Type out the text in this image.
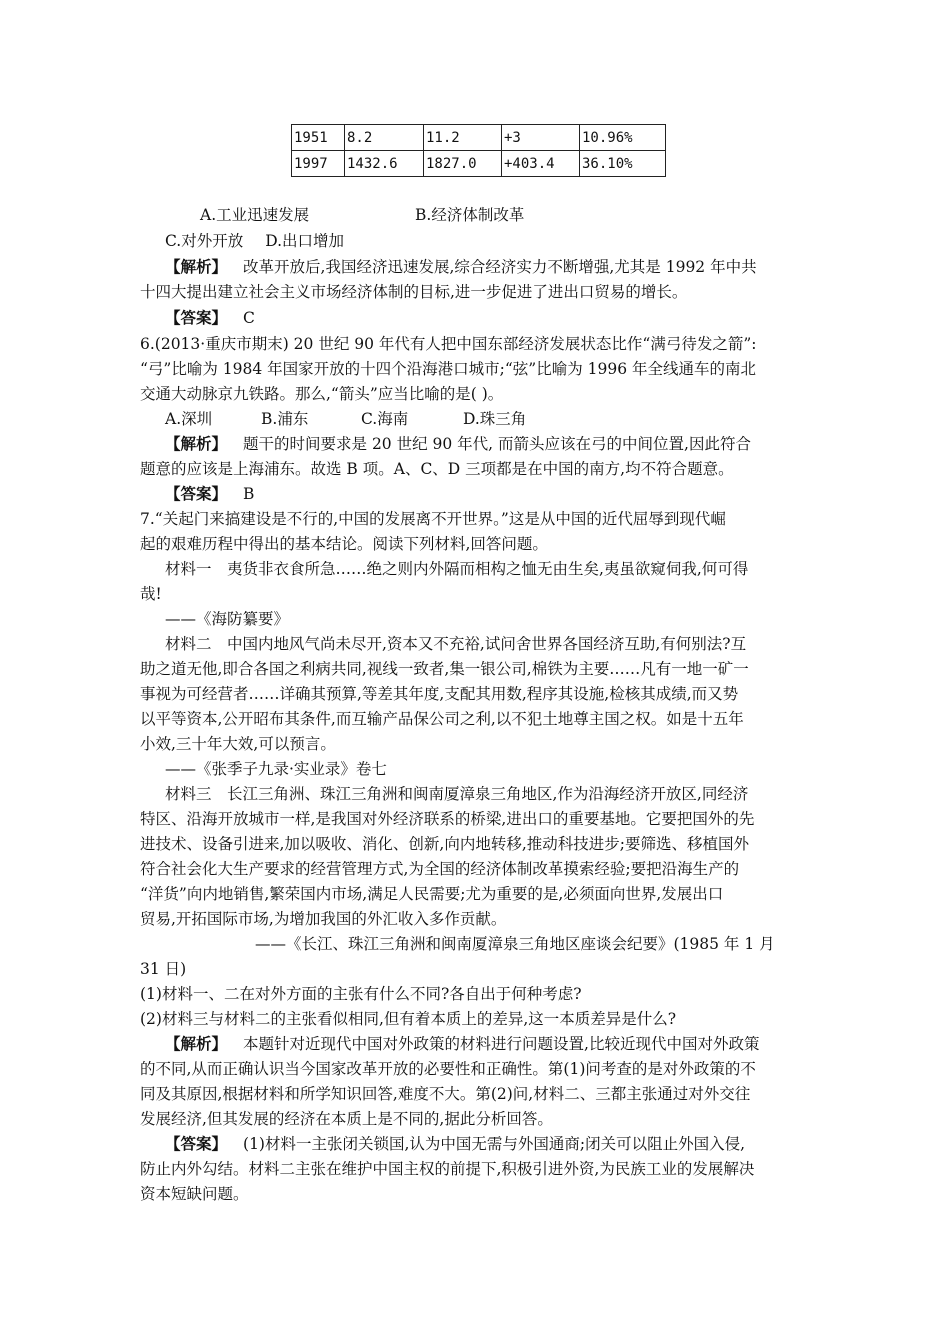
1951	8.2	11.2	+3	10.96%
1997	1432.6	1827.0	+403.4	36.10%
A.工业迅速发展	B.经济体制改革
C.对外开放 D.出口增加
【解析】 改革开放后,我国经济迅速发展,综合经济实力不断增强,尤其是 1992 年中共
十四大提出建立社会主义市场经济体制的目标,进一步促进了进出口贸易的增长。
【答案】 C
6.(2013·重庆市期末) 20 世纪 90 年代有人把中国东部经济发展状态比作“满弓待发之箭”:
“弓”比喻为 1984 年国家开放的十四个沿海港口城市;“弦”比喻为 1996 年全线通车的南北
交通大动脉京九铁路。那么,“箭头”应当比喻的是( )。
A.深圳	B.浦东	C.海南	D.珠三角
【解析】 题干的时间要求是 20 世纪 90 年代, 而箭头应该在弓的中间位置,因此符合
题意的应该是上海浦东。故选 B 项。A、C、D 三项都是在中国的南方,均不符合题意。
【答案】 B
7.“关起门来搞建设是不行的,中国的发展离不开世界。”这是从中国的近代屈辱到现代崛
起的艰难历程中得出的基本结论。阅读下列材料,回答问题。
材料一　夷货非衣食所急……绝之则内外隔而相构之恤无由生矣,夷虽欲窥伺我,何可得
哉!
——《海防纂要》
材料二　中国内地风气尚未尽开,资本又不充裕,试问舍世界各国经济互助,有何别法?互
助之道无他,即合各国之利病共同,视线一致者,集一银公司,棉铁为主要……凡有一地一矿一
事视为可经营者……详确其预算,等差其年度,支配其用数,程序其设施,检核其成绩,而又势
以平等资本,公开昭布其条件,而互输产品保公司之利,以不犯土地尊主国之权。如是十五年
小效,三十年大效,可以预言。
——《张季子九录·实业录》卷七
材料三　长江三角洲、珠江三角洲和闽南厦漳泉三角地区,作为沿海经济开放区,同经济
特区、沿海开放城市一样,是我国对外经济联系的桥梁,进出口的重要基地。它要把国外的先
进技术、设备引进来,加以吸收、消化、创新,向内地转移,推动科技进步;要筛选、移植国外
符合社会化大生产要求的经营管理方式,为全国的经济体制改革摸索经验;要把沿海生产的
“洋货”向内地销售,繁荣国内市场,满足人民需要;尤为重要的是,必须面向世界,发展出口
贸易,开拓国际市场,为增加我国的外汇收入多作贡献。
——《长江、珠江三角洲和闽南厦漳泉三角地区座谈会纪要》(1985 年 1 月
31 日)
(1)材料一、二在对外方面的主张有什么不同?各自出于何种考虑?
(2)材料三与材料二的主张看似相同,但有着本质上的差异,这一本质差异是什么?
【解析】 本题针对近现代中国对外政策的材料进行问题设置,比较近现代中国对外政策
的不同,从而正确认识当今国家改革开放的必要性和正确性。第(1)问考查的是对外政策的不
同及其原因,根据材料和所学知识回答,难度不大。第(2)问,材料二、三都主张通过对外交往
发展经济,但其发展的经济在本质上是不同的,据此分析回答。
【答案】 (1)材料一主张闭关锁国,认为中国无需与外国通商;闭关可以阻止外国入侵,
防止内外勾结。材料二主张在维护中国主权的前提下,积极引进外资,为民族工业的发展解决
资本短缺问题。
